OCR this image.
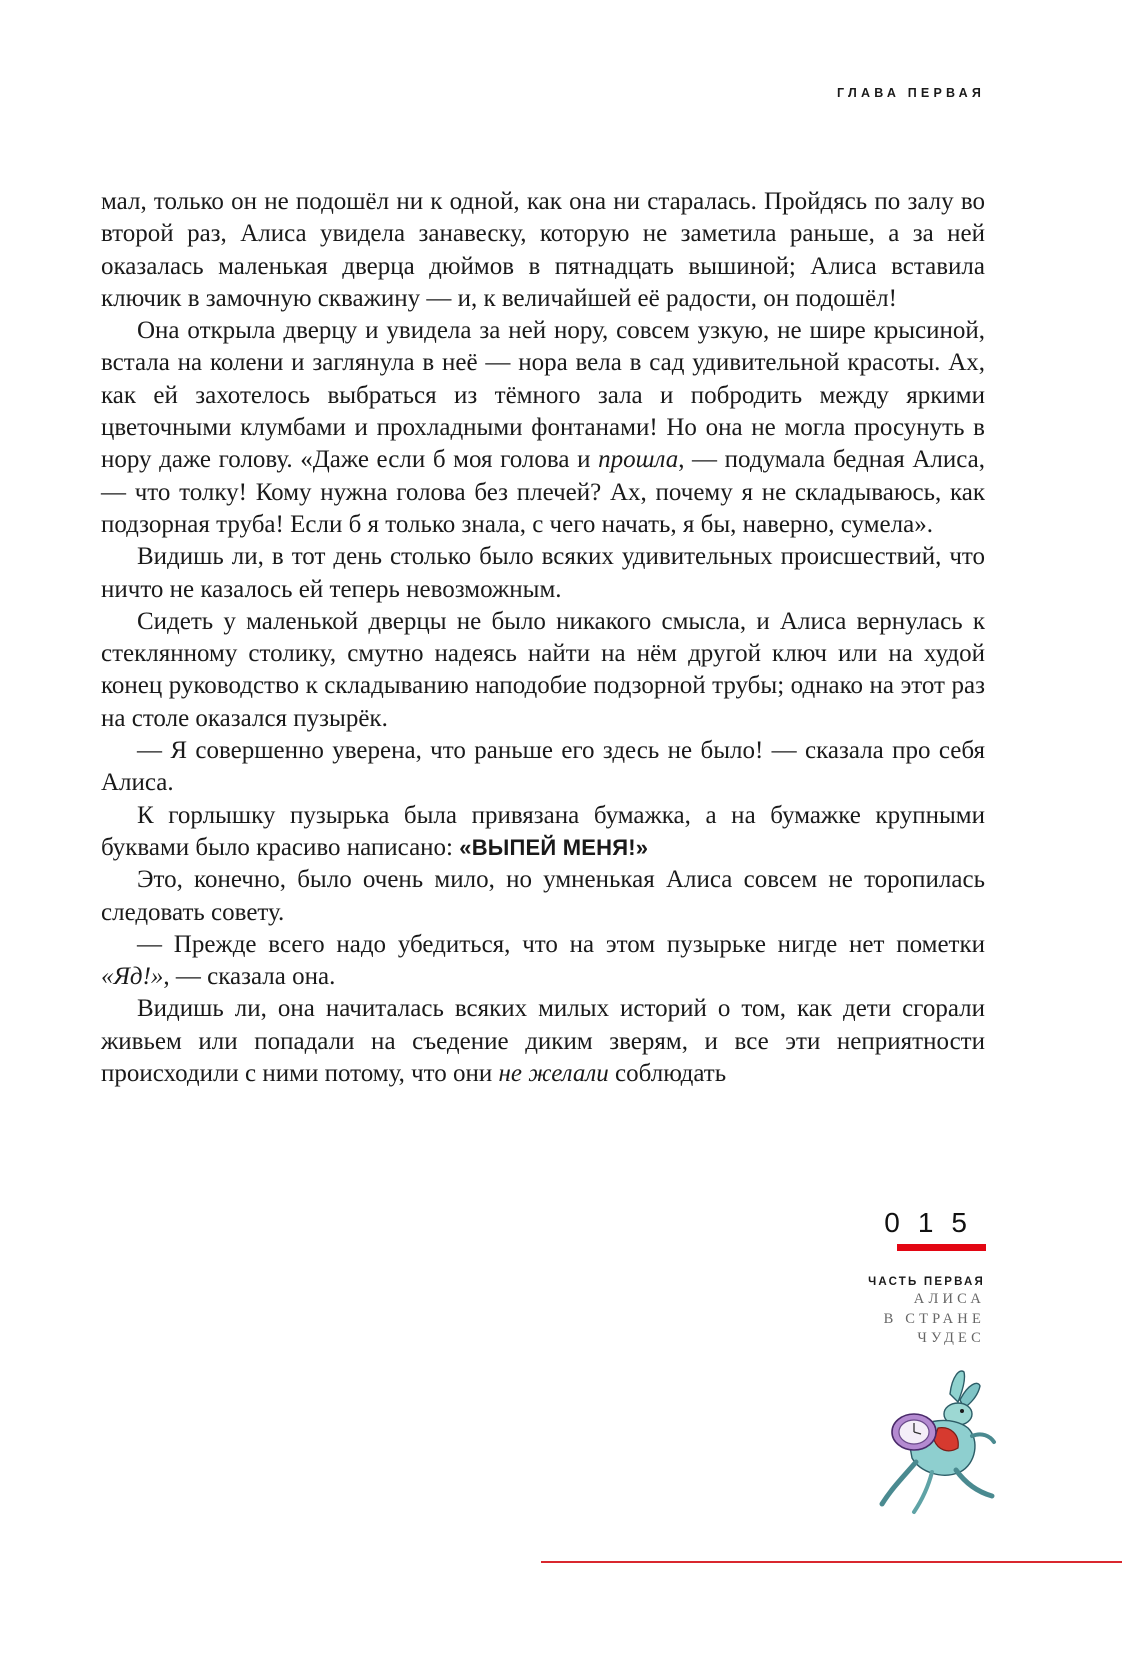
ГЛАВА ПЕРВАЯ

мал, только он не подошёл ни к одной, как она ни старалась. Пройдясь по залу во второй раз, Алиса увидела занавеску, которую не заметила раньше, а за ней оказалась маленькая дверца дюймов в пятнадцать вышиной; Алиса вставила ключик в замочную скважину — и, к величайшей её радости, он подошёл!

Она открыла дверцу и увидела за ней нору, совсем узкую, не шире крысиной, встала на колени и заглянула в неё — нора вела в сад удивительной красоты. Ах, как ей захотелось выбраться из тёмного зала и побродить между яркими цветочными клумбами и прохладными фонтанами! Но она не могла просунуть в нору даже голову. «Даже если б моя голова и прошла, — подумала бедная Алиса, — что толку! Кому нужна голова без плечей? Ах, почему я не складываюсь, как подзорная труба! Если б я только знала, с чего начать, я бы, наверно, сумела».

Видишь ли, в тот день столько было всяких удивительных происшествий, что ничто не казалось ей теперь невозможным.

Сидеть у маленькой дверцы не было никакого смысла, и Алиса вернулась к стеклянному столику, смутно надеясь найти на нём другой ключ или на худой конец руководство к складыванию наподобие подзорной трубы; однако на этот раз на столе оказался пузырёк.

— Я совершенно уверена, что раньше его здесь не было! — сказала про себя Алиса.

К горлышку пузырька была привязана бумажка, а на бумажке крупными буквами было красиво написано: «ВЫПЕЙ МЕНЯ!»

Это, конечно, было очень мило, но умненькая Алиса совсем не торопилась следовать совету.

— Прежде всего надо убедиться, что на этом пузырьке нигде нет пометки «Яд!», — сказала она.

Видишь ли, она начиталась всяких милых историй о том, как дети сгорали живьем или попадали на съедение диким зверям, и все эти неприятности происходили с ними потому, что они не желали соблюдать

015
ЧАСТЬ ПЕРВАЯ
АЛИСА
В СТРАНЕ
ЧУДЕС
